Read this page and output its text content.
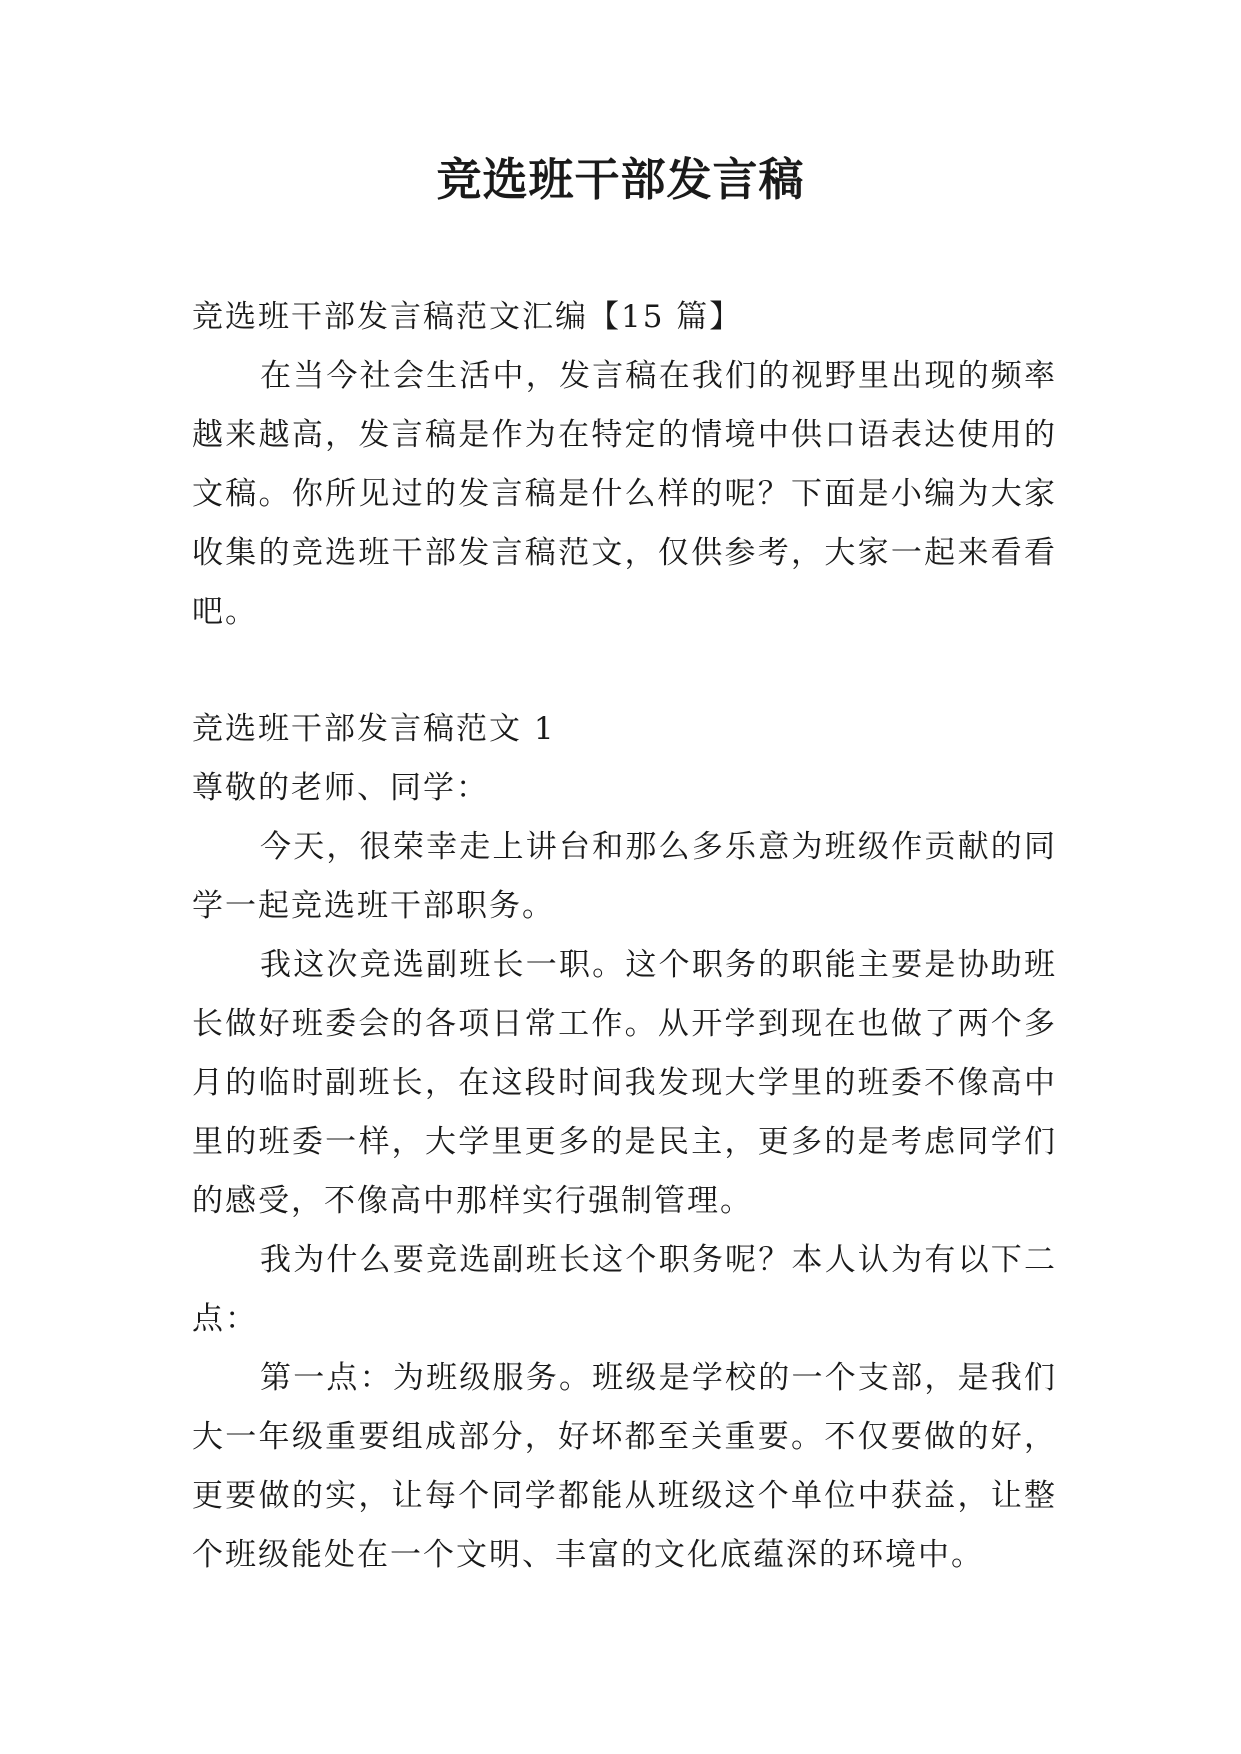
竞选班干部发言稿

竞选班干部发言稿范文汇编【15 篇】

在当今社会生活中，发言稿在我们的视野里出现的频率越来越高，发言稿是作为在特定的情境中供口语表达使用的文稿。你所见过的发言稿是什么样的呢？下面是小编为大家收集的竞选班干部发言稿范文，仅供参考，大家一起来看看吧。

竞选班干部发言稿范文 1

尊敬的老师、同学：

今天，很荣幸走上讲台和那么多乐意为班级作贡献的同学一起竞选班干部职务。

我这次竞选副班长一职。这个职务的职能主要是协助班长做好班委会的各项日常工作。从开学到现在也做了两个多月的临时副班长，在这段时间我发现大学里的班委不像高中里的班委一样，大学里更多的是民主，更多的是考虑同学们的感受，不像高中那样实行强制管理。

我为什么要竞选副班长这个职务呢？本人认为有以下二点：

第一点：为班级服务。班级是学校的一个支部，是我们大一年级重要组成部分，好坏都至关重要。不仅要做的好，更要做的实，让每个同学都能从班级这个单位中获益，让整个班级能处在一个文明、丰富的文化底蕴深的环境中。
